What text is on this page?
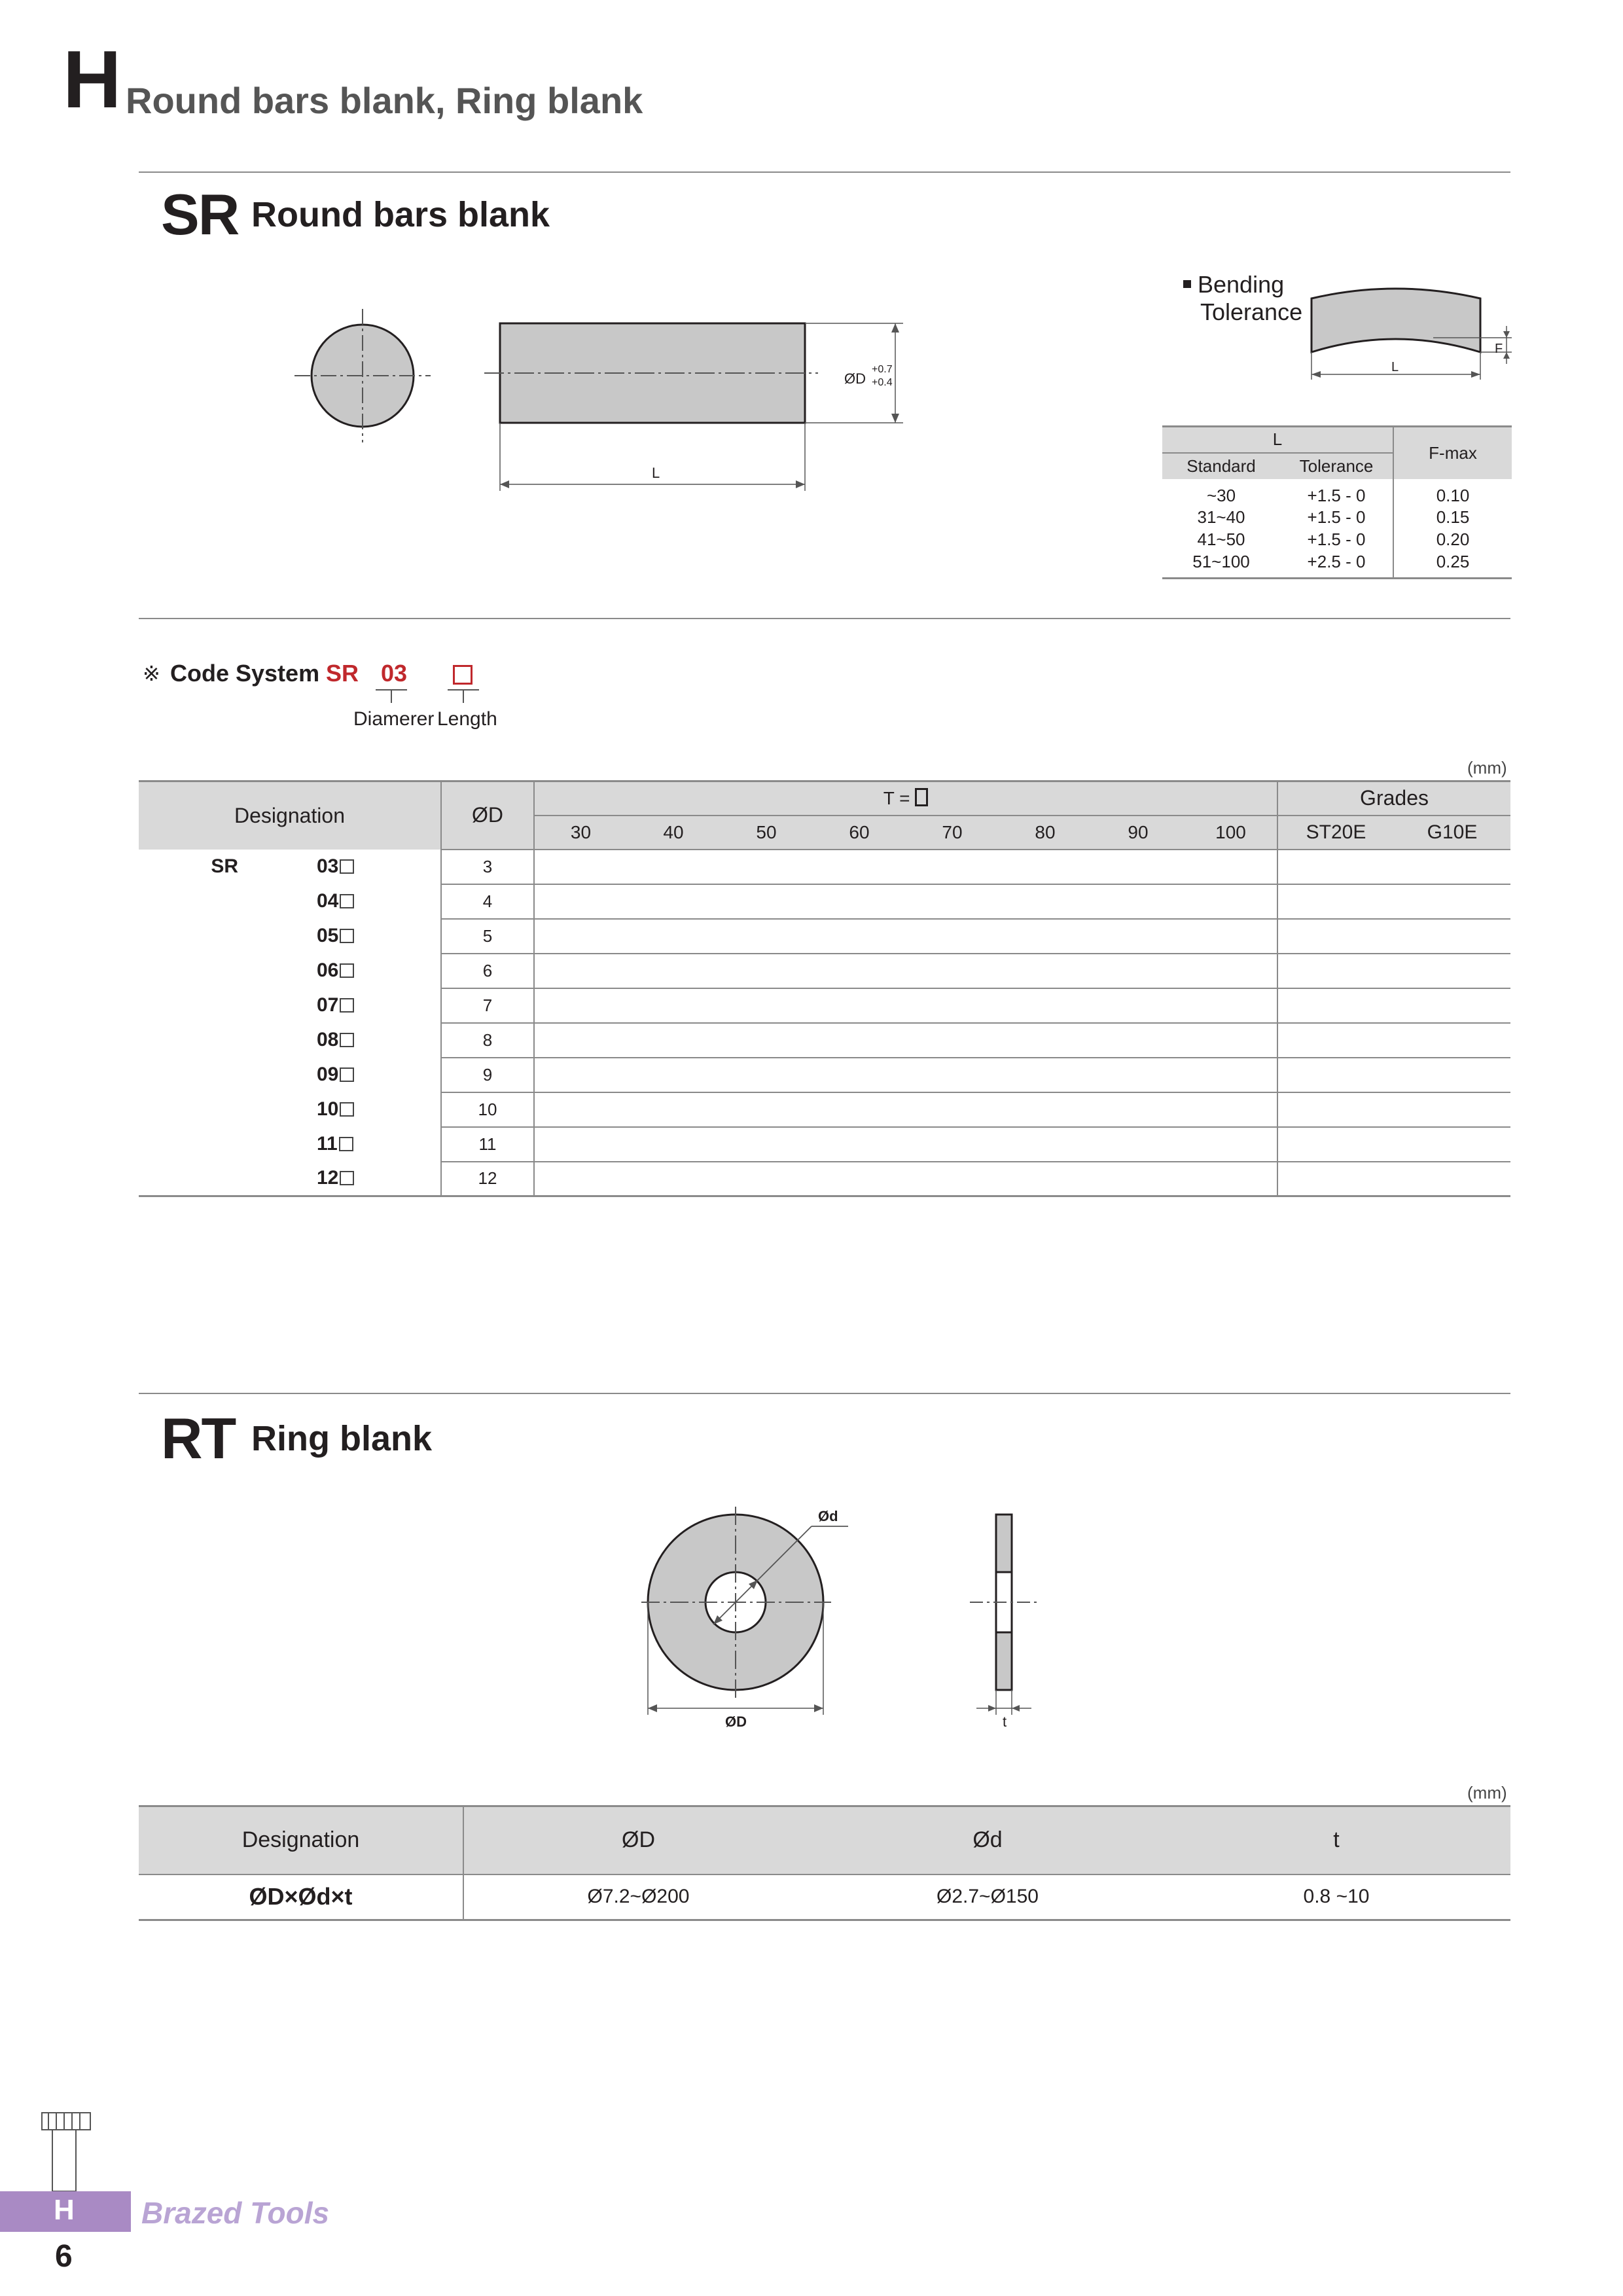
H Round bars blank, Ring blank
SR Round bars blank
ØD
+0.7
+0.4
L
Bending
Tolerance
F
L
L		F-max
Standard	Tolerance	
~30	+1.5 - 0	0.10
31~40	+1.5 - 0	0.15
41~50	+1.5 - 0	0.20
51~100	+2.5 - 0	0.25
※ Code System SR 03
Diamerer Length
(mm)
Designation		ØD	T =								Grades	
			30	40	50	60	70	80	90	100	ST20E	G10E
SR	03	3										
	04	4										
	05	5										
	06	6										
	07	7										
	08	8										
	09	9										
	10	10										
	11	11										
	12	12										
RT Ring blank
Ød
ØD	t
(mm)
Designation	ØD	Ød	t
ØD×Ød×t	Ø7.2~Ø200	Ø2.7~Ø150	0.8 ~10
H Brazed Tools
6
